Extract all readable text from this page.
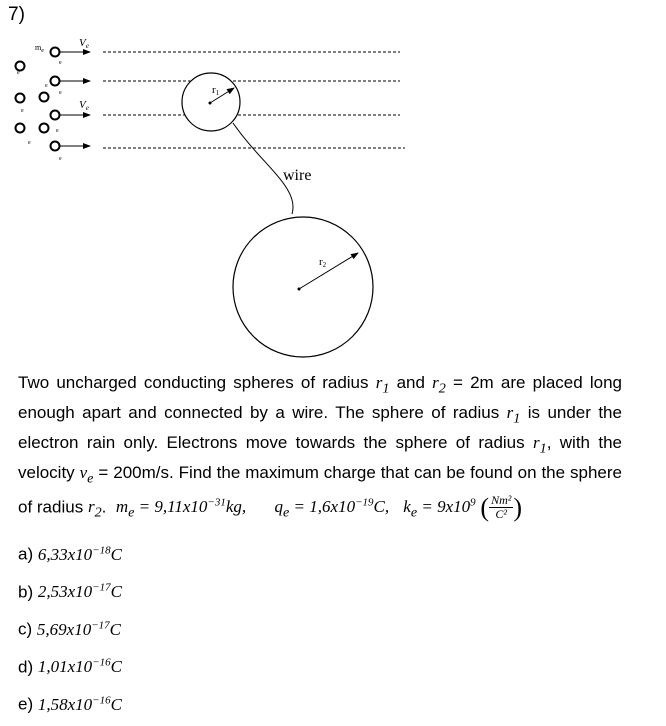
7)
e
e
e
e
e
e
e
e
$m_e$
Ve
Ve
r1
wire
r2
Two uncharged conducting spheres of radius $r_1$ and $r_2 = 2m$ are placed long enough apart and connected by a wire. The sphere of radius $r_1$ is under the electron rain only. Electrons move towards the sphere of radius $r_1$, with the velocity $v_e = 200m/s$. Find the maximum charge that can be found on the sphere of radius $r_2$. $m_e = 9,11x10^{-31}kg$, $q_e = 1,6x10^{-19}C$, $k_e = 9x10^9$ ( $\frac{\text{Nm²}}{\text{C²}}$ )
a) $6,33x10^{-18}C$
b) $2,53x10^{-17}C$
c) $5,69x10^{-17}C$
d) $1,01x10^{-16}C$
e) $1,58x10^{-16}C$
